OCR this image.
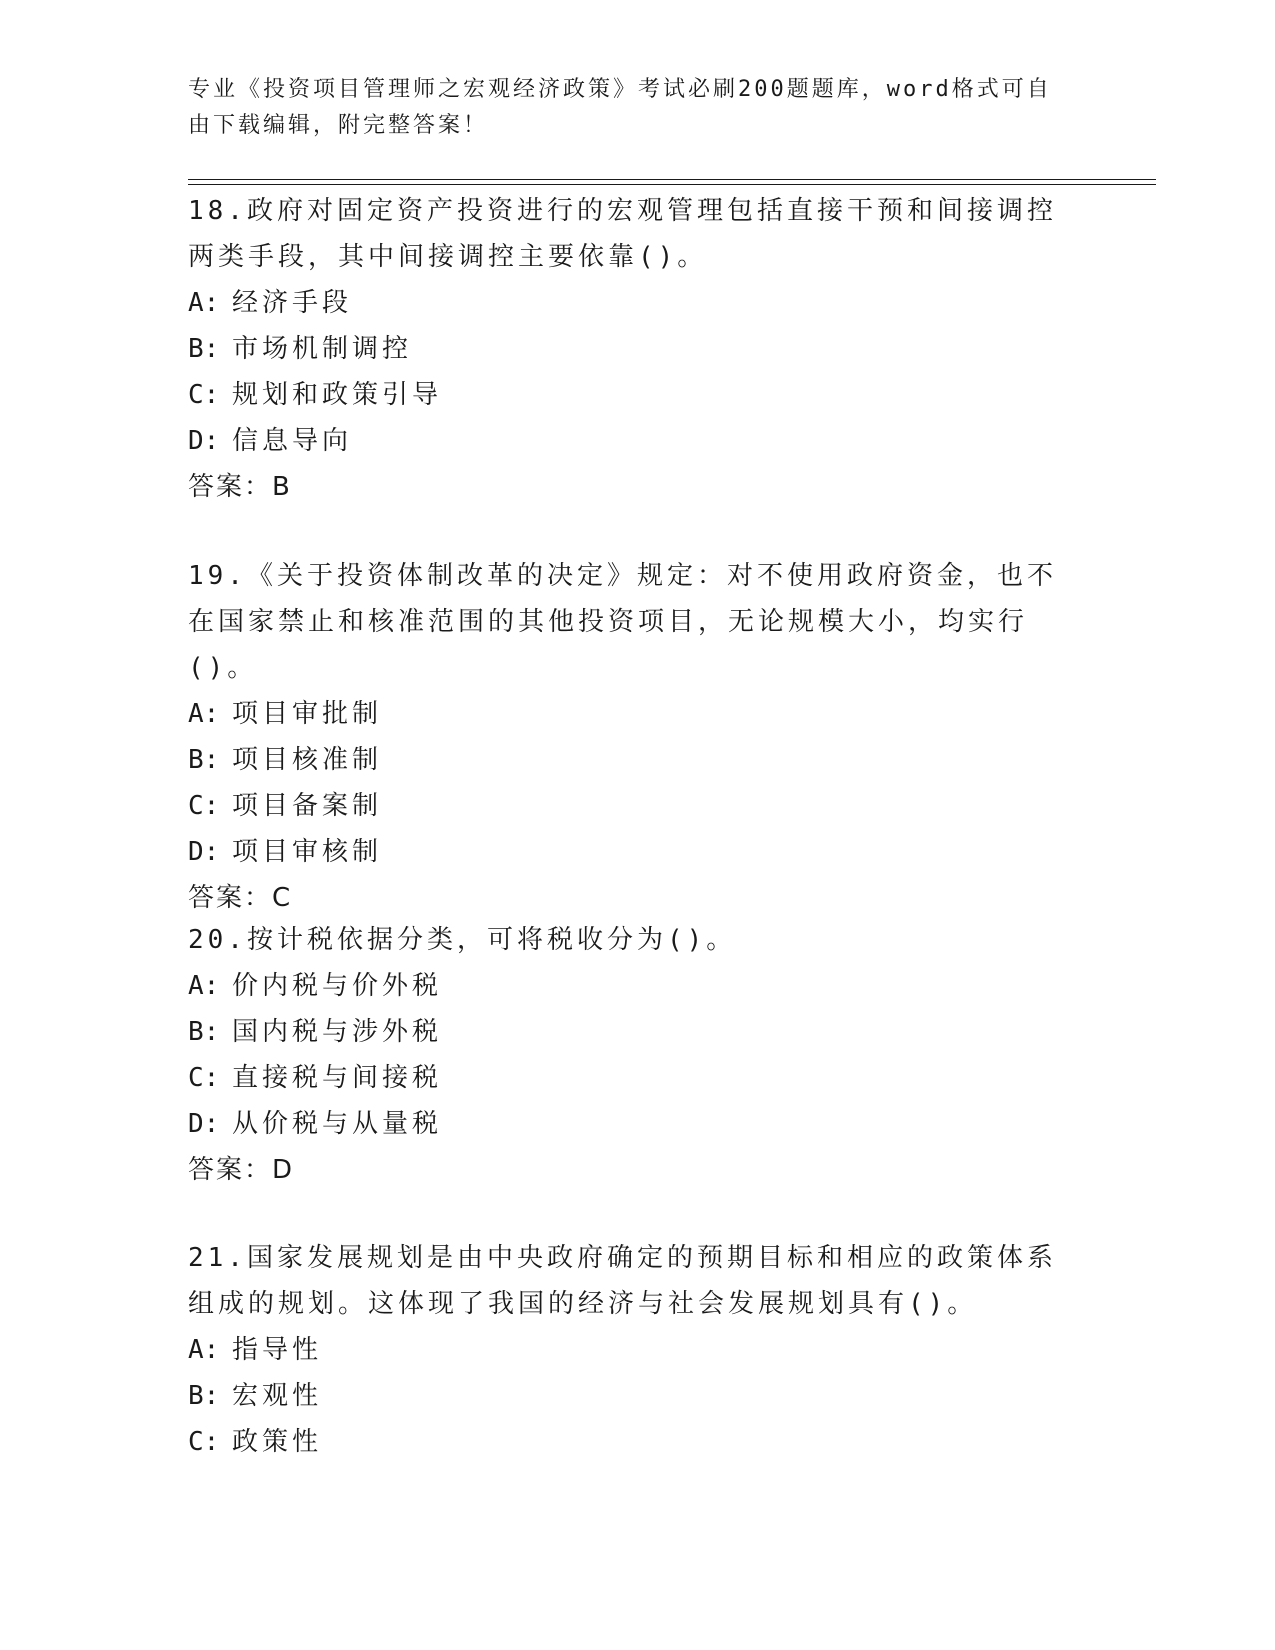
专业《投资项目管理师之宏观经济政策》考试必刷200题题库，word格式可自由下载编辑，附完整答案！

18.政府对固定资产投资进行的宏观管理包括直接干预和间接调控两类手段，其中间接调控主要依靠()。

A: 经济手段

B: 市场机制调控

C: 规划和政策引导

D: 信息导向

答案：B

19.《关于投资体制改革的决定》规定：对不使用政府资金，也不在国家禁止和核准范围的其他投资项目，无论规模大小，均实行()。

A: 项目审批制

B: 项目核准制

C: 项目备案制

D: 项目审核制

答案：C

20.按计税依据分类，可将税收分为()。

A: 价内税与价外税

B: 国内税与涉外税

C: 直接税与间接税

D: 从价税与从量税

答案：D

21.国家发展规划是由中央政府确定的预期目标和相应的政策体系组成的规划。这体现了我国的经济与社会发展规划具有()。

A: 指导性

B: 宏观性

C: 政策性
